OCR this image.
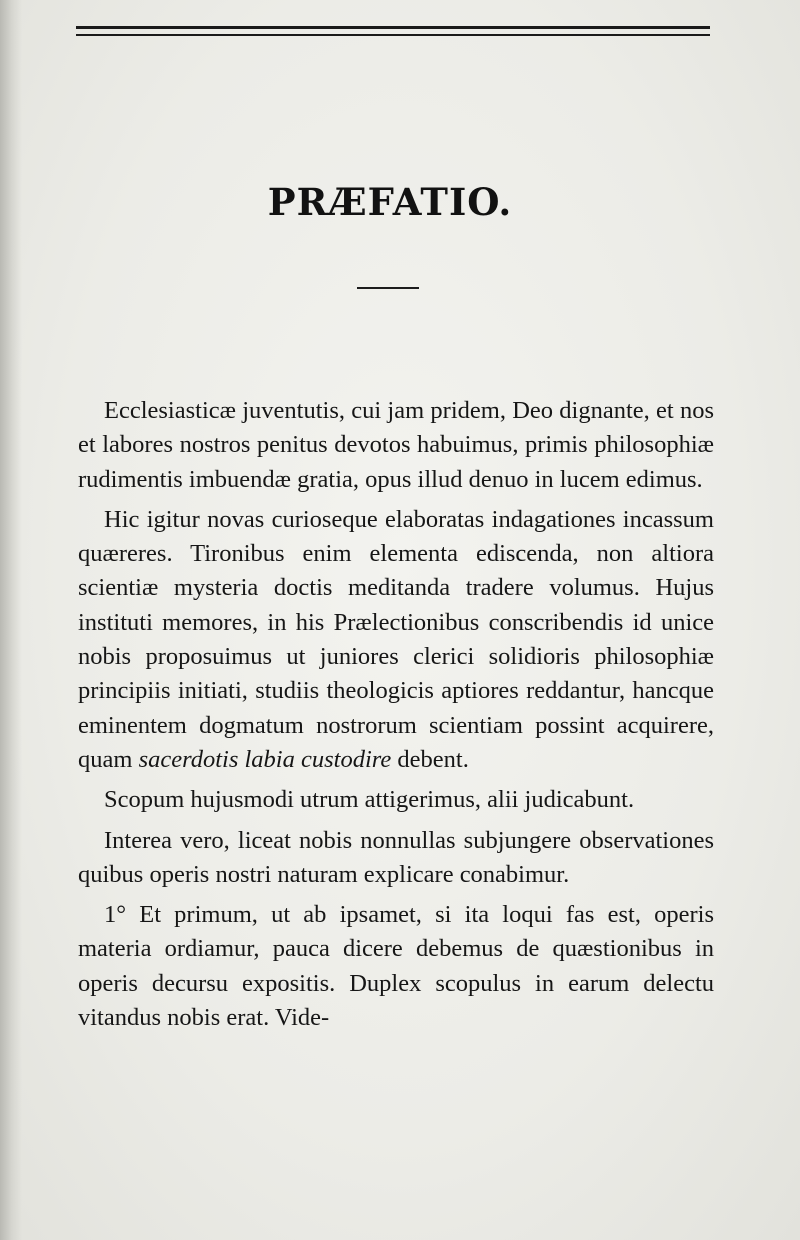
PRÆFATIO.

Ecclesiasticæ juventutis, cui jam pridem, Deo dignante, et nos et labores nostros penitus devotos habuimus, primis philosophiæ rudimentis imbuendæ gratia, opus illud denuo in lucem edimus.

Hic igitur novas curioseque elaboratas indagationes incassum quæreres. Tironibus enim elementa ediscenda, non altiora scientiæ mysteria doctis meditanda tradere volumus. Hujus instituti memores, in his Prælectionibus conscribendis id unice nobis proposuimus ut juniores clerici solidioris philosophiæ principiis initiati, studiis theologicis aptiores reddantur, hancque eminentem dogmatum nostrorum scientiam possint acquirere, quam sacerdotis labia custodire debent.

Scopum hujusmodi utrum attigerimus, alii judicabunt.

Interea vero, liceat nobis nonnullas subjungere observationes quibus operis nostri naturam explicare conabimur.

1° Et primum, ut ab ipsamet, si ita loqui fas est, operis materia ordiamur, pauca dicere debemus de quæstionibus in operis decursu expositis. Duplex scopulus in earum delectu vitandus nobis erat. Vide-
